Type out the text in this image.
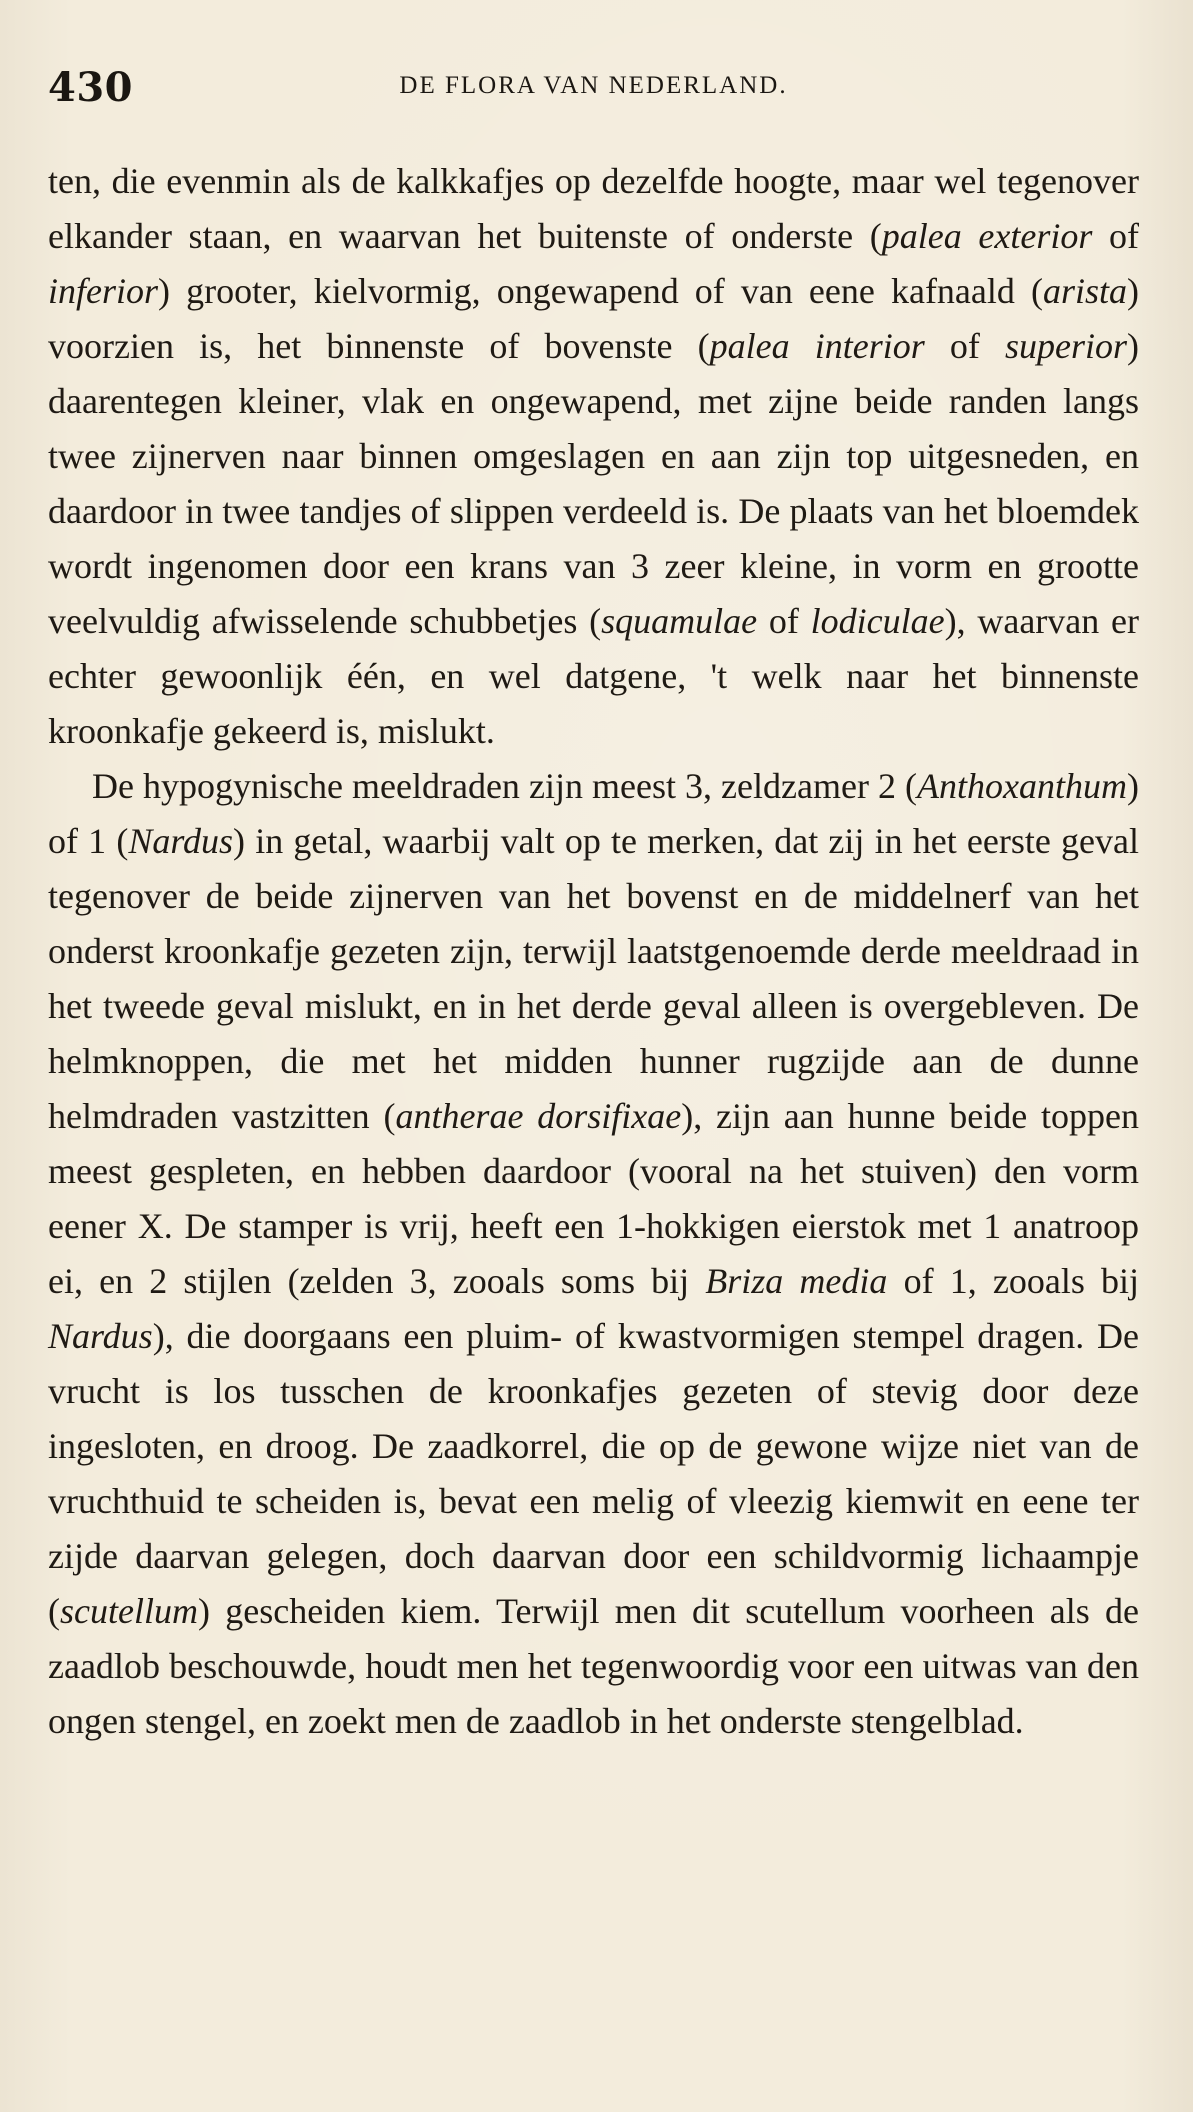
430	DE FLORA VAN NEDERLAND.

ten, die evenmin als de kalkkafjes op dezelfde hoogte, maar wel tegenover elkander staan, en waarvan het buitenste of onderste (palea exterior of inferior) grooter, kielvormig, ongewapend of van eene kafnaald (arista) voorzien is, het binnenste of bovenste (palea interior of superior) daarentegen kleiner, vlak en ongewapend, met zijne beide randen langs twee zijnerven naar binnen omgeslagen en aan zijn top uitgesneden, en daardoor in twee tandjes of slippen verdeeld is. De plaats van het bloemdek wordt ingenomen door een krans van 3 zeer kleine, in vorm en grootte veelvuldig afwisselende schubbetjes (squamulae of lodiculae), waarvan er echter gewoonlijk één, en wel datgene, 't welk naar het binnenste kroonkafje gekeerd is, mislukt.

De hypogynische meeldraden zijn meest 3, zeldzamer 2 (Anthoxanthum) of 1 (Nardus) in getal, waarbij valt op te merken, dat zij in het eerste geval tegenover de beide zijnerven van het bovenst en de middelnerf van het onderst kroonkafje gezeten zijn, terwijl laatstgenoemde derde meeldraad in het tweede geval mislukt, en in het derde geval alleen is overgebleven. De helmknoppen, die met het midden hunner rugzijde aan de dunne helmdraden vastzitten (antherae dorsifixae), zijn aan hunne beide toppen meest gespleten, en hebben daardoor (vooral na het stuiven) den vorm eener X. De stamper is vrij, heeft een 1-hokkigen eierstok met 1 anatroop ei, en 2 stijlen (zelden 3, zooals soms bij Briza media of 1, zooals bij Nardus), die doorgaans een pluim- of kwastvormigen stempel dragen. De vrucht is los tusschen de kroonkafjes gezeten of stevig door deze ingesloten, en droog. De zaadkorrel, die op de gewone wijze niet van de vruchthuid te scheiden is, bevat een melig of vleezig kiemwit en eene ter zijde daarvan gelegen, doch daarvan door een schildvormig lichaampje (scutellum) gescheiden kiem. Terwijl men dit scutellum voorheen als de zaadlob beschouwde, houdt men het tegenwoordig voor een uitwas van den ongen stengel, en zoekt men de zaadlob in het onderste stengelblad.
